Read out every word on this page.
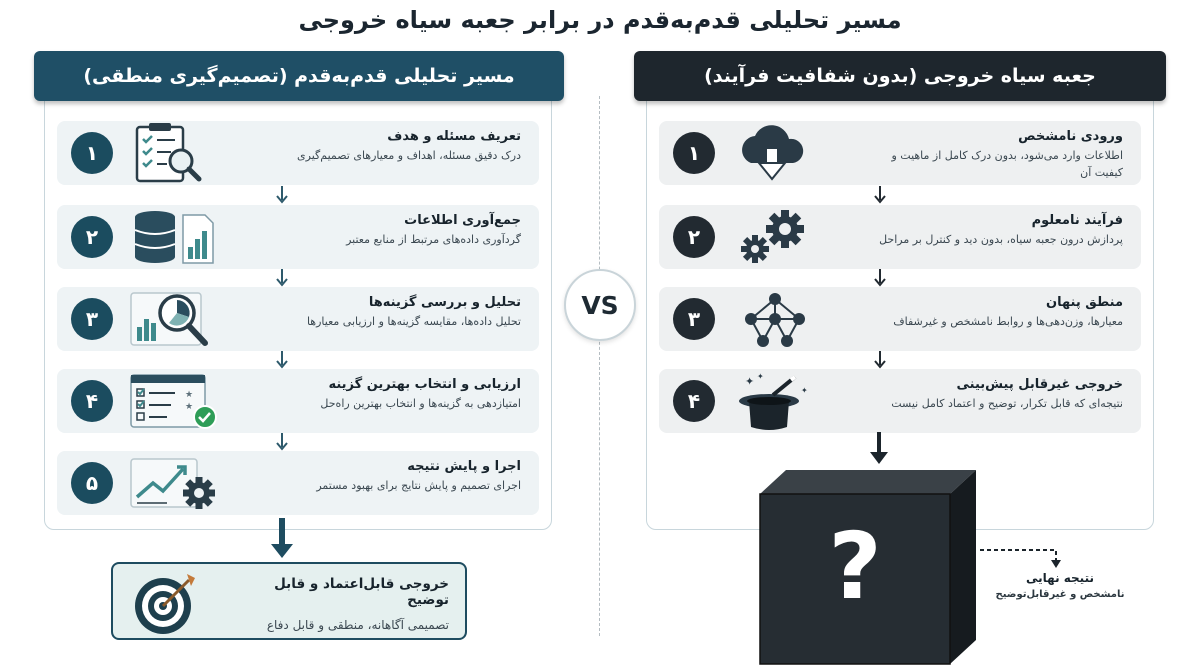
مسیر تحلیلی قدم‌به‌قدم در برابر جعبه سیاه خروجی
۱
تعریف مسئله و هدف
درک دقیق مسئله، اهداف و معیارهای تصمیم‌گیری
۲
جمع‌آوری اطلاعات
گردآوری داده‌های مرتبط از منابع معتبر
۳
تحلیل و بررسی گزینه‌ها
تحلیل داده‌ها، مقایسه گزینه‌ها و ارزیابی معیارها
۴	★
★
ارزیابی و انتخاب بهترین گزینه
امتیازدهی به گزینه‌ها و انتخاب بهترین راه‌حل
۵
اجرا و پایش نتیجه
اجرای تصمیم و پایش نتایج برای بهبود مستمر
مسیر تحلیلی قدم‌به‌قدم (تصمیم‌گیری منطقی)
خروجی قابل‌اعتماد و قابل توضیح
تصمیمی آگاهانه، منطقی و قابل دفاع
VS
۱
ورودی نامشخص
اطلاعات وارد می‌شود، بدون درک کامل از ماهیت و کیفیت آن
۲
فرآیند نامعلوم
پردازش درون جعبه سیاه، بدون دید و کنترل بر مراحل
۳
منطق پنهان
معیارها، وزن‌دهی‌ها و روابط نامشخص و غیرشفاف
۴
✦ ✦
✦	خروجی غیرقابل پیش‌بینی
نتیجه‌ای که قابل تکرار، توضیح و اعتماد کامل نیست
جعبه سیاه خروجی (بدون شفافیت فرآیند)
?	نتیجه نهایی
نامشخص و غیرقابل‌توضیح
